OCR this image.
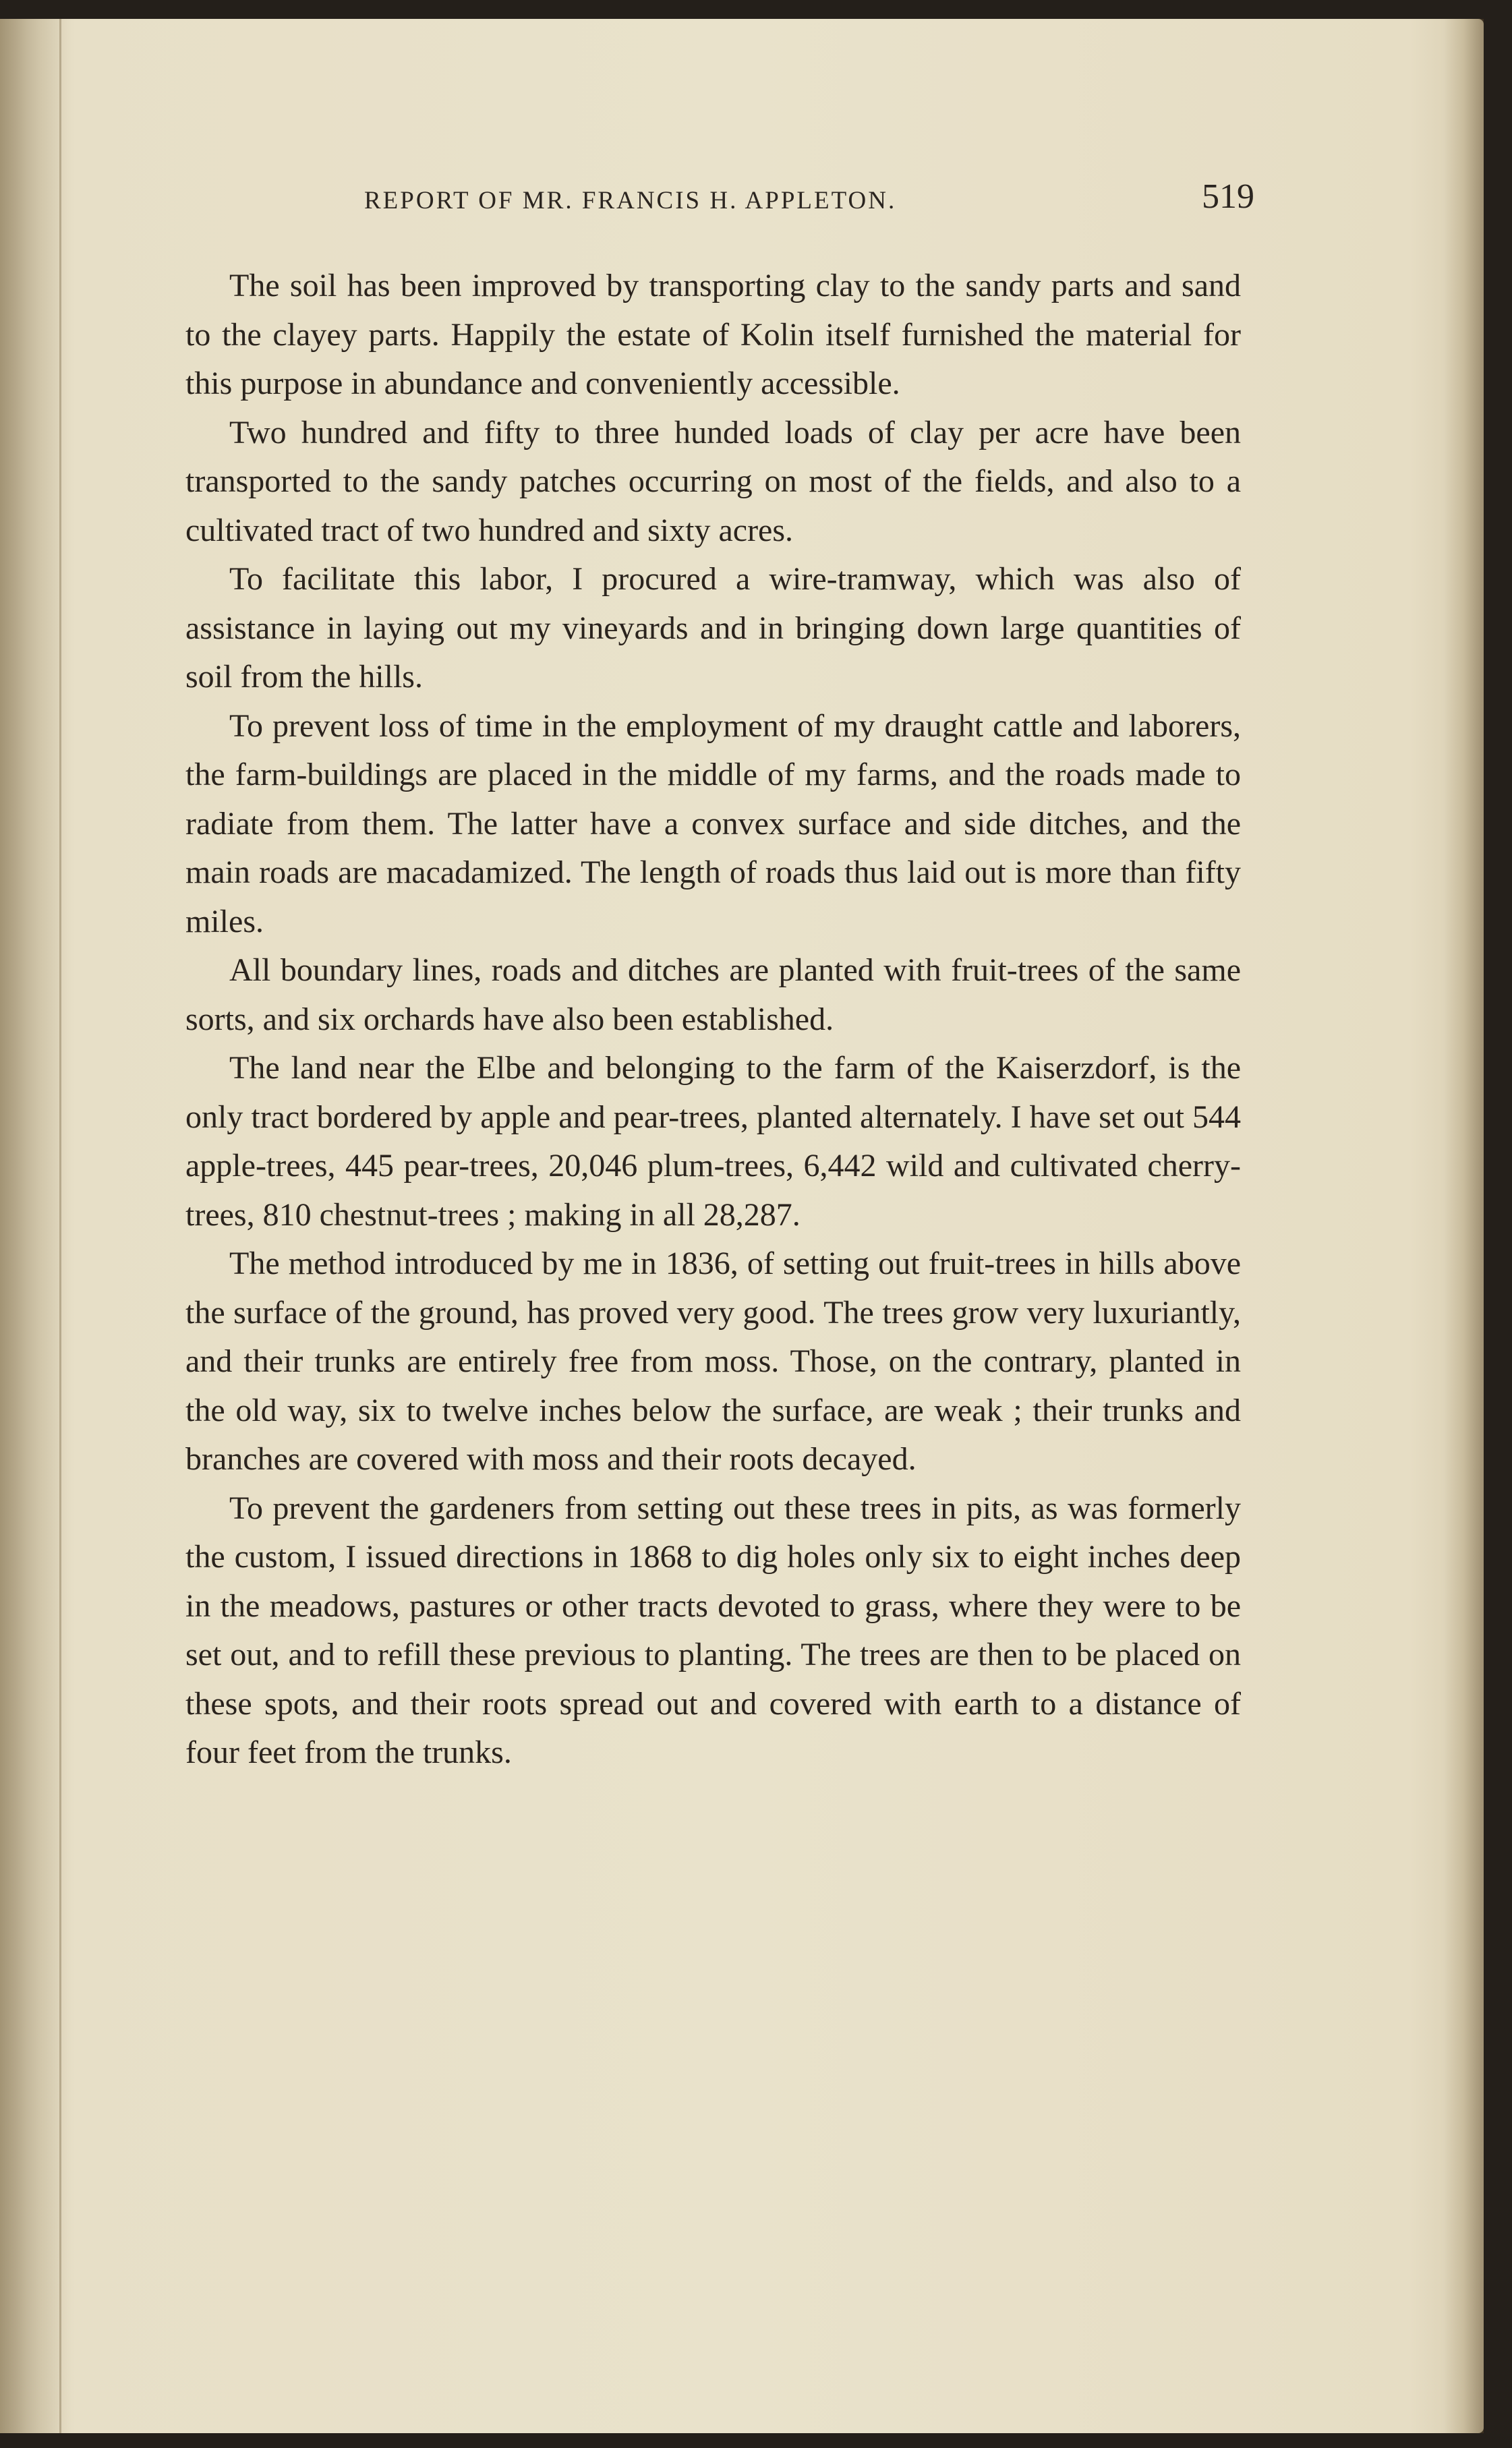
REPORT OF MR. FRANCIS H. APPLETON.	519

The soil has been improved by transporting clay to the sandy parts and sand to the clayey parts. Happily the estate of Kolin itself furnished the material for this purpose in abundance and conveniently accessible.

Two hundred and fifty to three hunded loads of clay per acre have been transported to the sandy patches occurring on most of the fields, and also to a cultivated tract of two hundred and sixty acres.

To facilitate this labor, I procured a wire-tramway, which was also of assistance in laying out my vineyards and in bringing down large quantities of soil from the hills.

To prevent loss of time in the employment of my draught cattle and laborers, the farm-buildings are placed in the middle of my farms, and the roads made to radiate from them. The latter have a convex surface and side ditches, and the main roads are macadamized. The length of roads thus laid out is more than fifty miles.

All boundary lines, roads and ditches are planted with fruit-trees of the same sorts, and six orchards have also been established.

The land near the Elbe and belonging to the farm of the Kaiserzdorf, is the only tract bordered by apple and pear-trees, planted alternately. I have set out 544 apple-trees, 445 pear-trees, 20,046 plum-trees, 6,442 wild and cultivated cherry-trees, 810 chestnut-trees ; making in all 28,287.

The method introduced by me in 1836, of setting out fruit-trees in hills above the surface of the ground, has proved very good. The trees grow very luxuriantly, and their trunks are entirely free from moss. Those, on the contrary, planted in the old way, six to twelve inches below the surface, are weak ; their trunks and branches are covered with moss and their roots decayed.

To prevent the gardeners from setting out these trees in pits, as was formerly the custom, I issued directions in 1868 to dig holes only six to eight inches deep in the meadows, pastures or other tracts devoted to grass, where they were to be set out, and to refill these previous to planting. The trees are then to be placed on these spots, and their roots spread out and covered with earth to a distance of four feet from the trunks.
